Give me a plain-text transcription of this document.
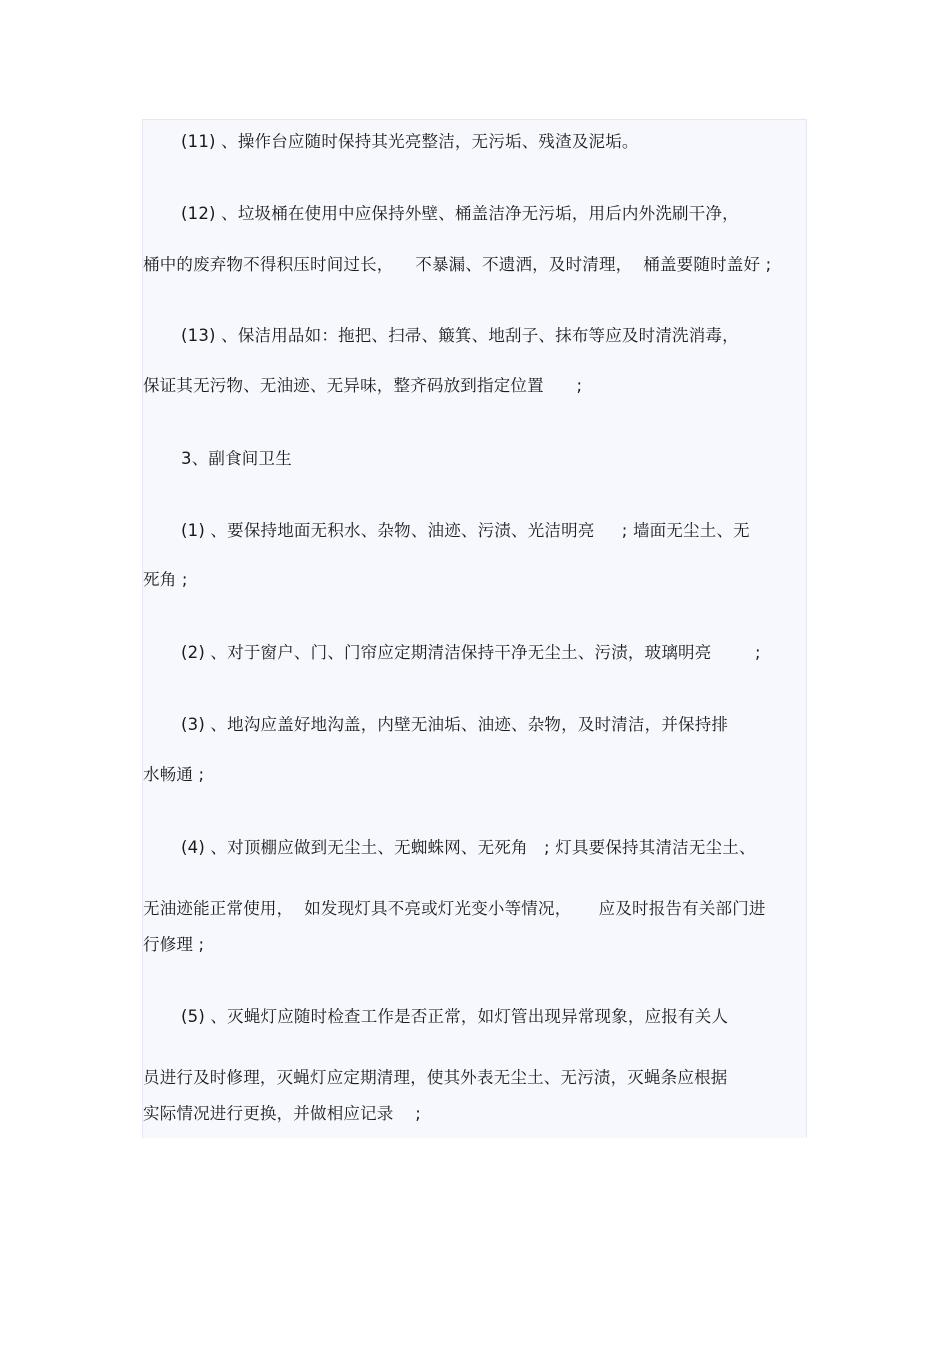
(11) 、操作台应随时保持其光亮整洁，无污垢、残渣及泥垢。
(12) 、垃圾桶在使用中应保持外壁、桶盖洁净无污垢，用后内外洗刷干净，
桶中的废弃物不得积压时间过长，    不暴漏、不遗洒，及时清理，  桶盖要随时盖好 ;
(13) 、保洁用品如：拖把、扫帚、簸箕、地刮子、抹布等应及时清洗消毒，
保证其无污物、无油迹、无异味，整齐码放到指定位置      ;
3、副食间卫生
(1) 、要保持地面无积水、杂物、油迹、污渍、光洁明亮     ; 墙面无尘土、无
死角 ;
(2) 、对于窗户、门、门帘应定期清洁保持干净无尘土、污渍，玻璃明亮        ;
(3) 、地沟应盖好地沟盖，内壁无油垢、油迹、杂物，及时清洁，并保持排
水畅通 ;
(4) 、对顶棚应做到无尘土、无蜘蛛网、无死角   ; 灯具要保持其清洁无尘土、
无油迹能正常使用，  如发现灯具不亮或灯光变小等情况，     应及时报告有关部门进
行修理 ;
(5) 、灭蝇灯应随时检查工作是否正常，如灯管出现异常现象，应报有关人
员进行及时修理，灭蝇灯应定期清理，使其外表无尘土、无污渍，灭蝇条应根据
实际情况进行更换，并做相应记录    ;
